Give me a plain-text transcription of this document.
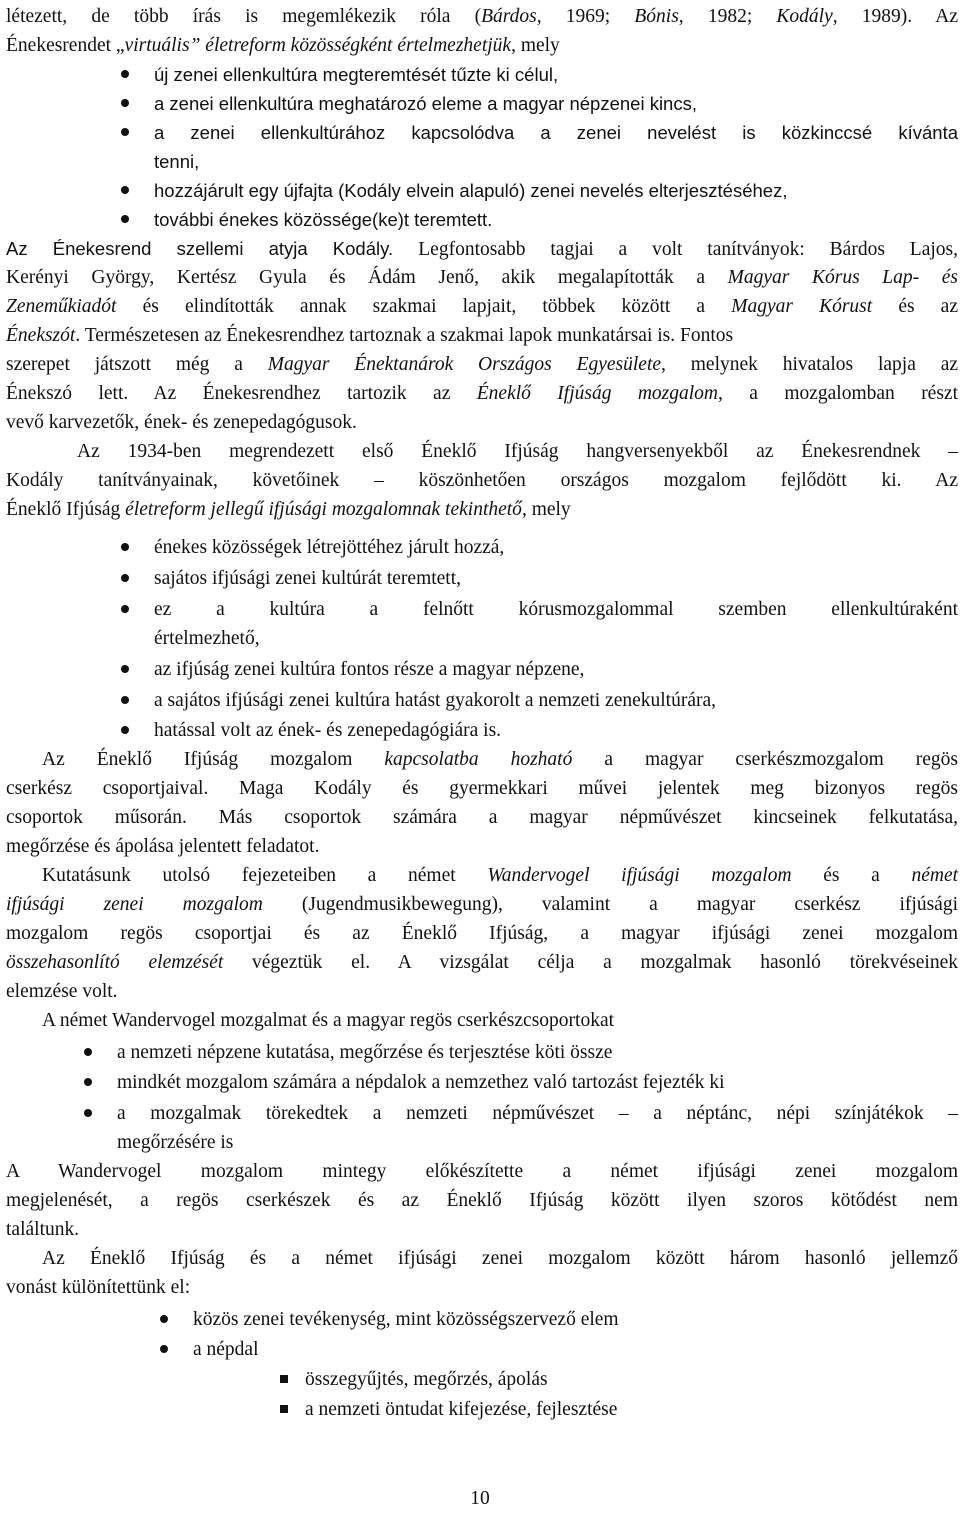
létezett, de több írás is megemlékezik róla (Bárdos, 1969; Bónis, 1982; Kodály, 1989). Az
Énekesrendet „virtuális” életreform közösségként értelmezhetjük, mely
új zenei ellenkultúra megteremtését tűzte ki célul,
a zenei ellenkultúra meghatározó eleme a magyar népzenei kincs,
a zenei ellenkultúrához kapcsolódva a zenei nevelést is közkinccsé kívánta
tenni,
hozzájárult egy újfajta (Kodály elvein alapuló) zenei nevelés elterjesztéséhez,
további énekes közössége(ke)t teremtett.
Az Énekesrend szellemi atyja Kodály. Legfontosabb tagjai a volt tanítványok: Bárdos Lajos,
Kerényi György, Kertész Gyula és Ádám Jenő, akik megalapították a Magyar Kórus Lap- és
Zeneműkiadót és elindították annak szakmai lapjait, többek között a Magyar Kórust és az
Énekszót. Természetesen az Énekesrendhez tartoznak a szakmai lapok munkatársai is. Fontos
szerepet játszott még a Magyar Énektanárok Országos Egyesülete, melynek hivatalos lapja az
Énekszó lett. Az Énekesrendhez tartozik az Éneklő Ifjúság mozgalom, a mozgalomban részt
vevő karvezetők, ének- és zenepedagógusok.
Az 1934-ben megrendezett első Éneklő Ifjúság hangversenyekből az Énekesrendnek –
Kodály tanítványainak, követőinek – köszönhetően országos mozgalom fejlődött ki. Az
Éneklő Ifjúság életreform jellegű ifjúsági mozgalomnak tekinthető, mely
énekes közösségek létrejöttéhez járult hozzá,
sajátos ifjúsági zenei kultúrát teremtett,
ez a kultúra a felnőtt kórusmozgalommal szemben ellenkultúraként
értelmezhető,
az ifjúság zenei kultúra fontos része a magyar népzene,
a sajátos ifjúsági zenei kultúra hatást gyakorolt a nemzeti zenekultúrára,
hatással volt az ének- és zenepedagógiára is.
Az Éneklő Ifjúság mozgalom kapcsolatba hozható a magyar cserkészmozgalom regös
cserkész csoportjaival. Maga Kodály és gyermekkari művei jelentek meg bizonyos regös
csoportok műsorán. Más csoportok számára a magyar népművészet kincseinek felkutatása,
megőrzése és ápolása jelentett feladatot.
Kutatásunk utolsó fejezeteiben a német Wandervogel ifjúsági mozgalom és a német
ifjúsági zenei mozgalom (Jugendmusikbewegung), valamint a magyar cserkész ifjúsági
mozgalom regös csoportjai és az Éneklő Ifjúság, a magyar ifjúsági zenei mozgalom
összehasonlító elemzését végeztük el. A vizsgálat célja a mozgalmak hasonló törekvéseinek
elemzése volt.
A német Wandervogel mozgalmat és a magyar regös cserkészcsoportokat
a nemzeti népzene kutatása, megőrzése és terjesztése köti össze
mindkét mozgalom számára a népdalok a nemzethez való tartozást fejezték ki
a mozgalmak törekedtek a nemzeti népművészet – a néptánc, népi színjátékok –
megőrzésére is
A Wandervogel mozgalom mintegy előkészítette a német ifjúsági zenei mozgalom
megjelenését, a regös cserkészek és az Éneklő Ifjúság között ilyen szoros kötődést nem
találtunk.
Az Éneklő Ifjúság és a német ifjúsági zenei mozgalom között három hasonló jellemző
vonást különítettünk el:
közös zenei tevékenység, mint közösségszervező elem
a népdal
összegyűjtés, megőrzés, ápolás
a nemzeti öntudat kifejezése, fejlesztése
10
